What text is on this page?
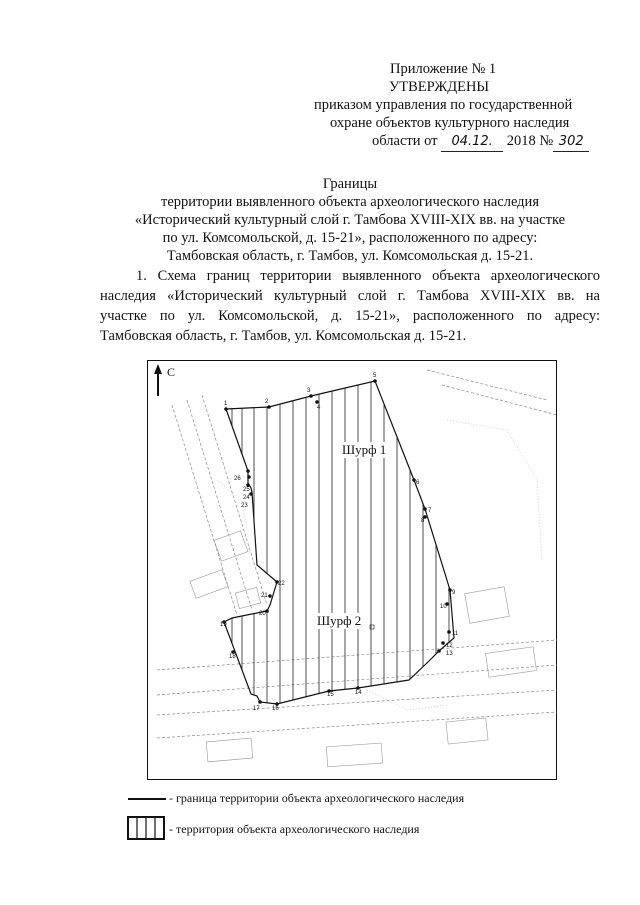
Приложение № 1
УТВЕРЖДЕНЫ
приказом управления по государственной
охране объектов культурного наследия
области от 04.12. 2018 № 302
Границы
территории выявленного объекта археологического наследия
«Исторический культурный слой г. Тамбова XVIII-XIX вв. на участке
по ул. Комсомольской, д. 15-21», расположенного по адресу:
Тамбовская область, г. Тамбов, ул. Комсомольская д. 15-21.
1. Схема границ территории выявленного объекта археологического
наследия «Исторический культурный слой г. Тамбова XVIII-XIX вв. на
участке по ул. Комсомольской, д. 15-21», расположенного по адресу:
Тамбовская область, г. Тамбов, ул. Комсомольская д. 15-21.
1	2
3
4
5
6
7
8
9
10
11
12
13
14
15
16
17
18
19
20
21
22
23
24
25
26
Шурф 1
Шурф 2
С
- граница территории объекта археологического наследия
- территория объекта археологического наследия
